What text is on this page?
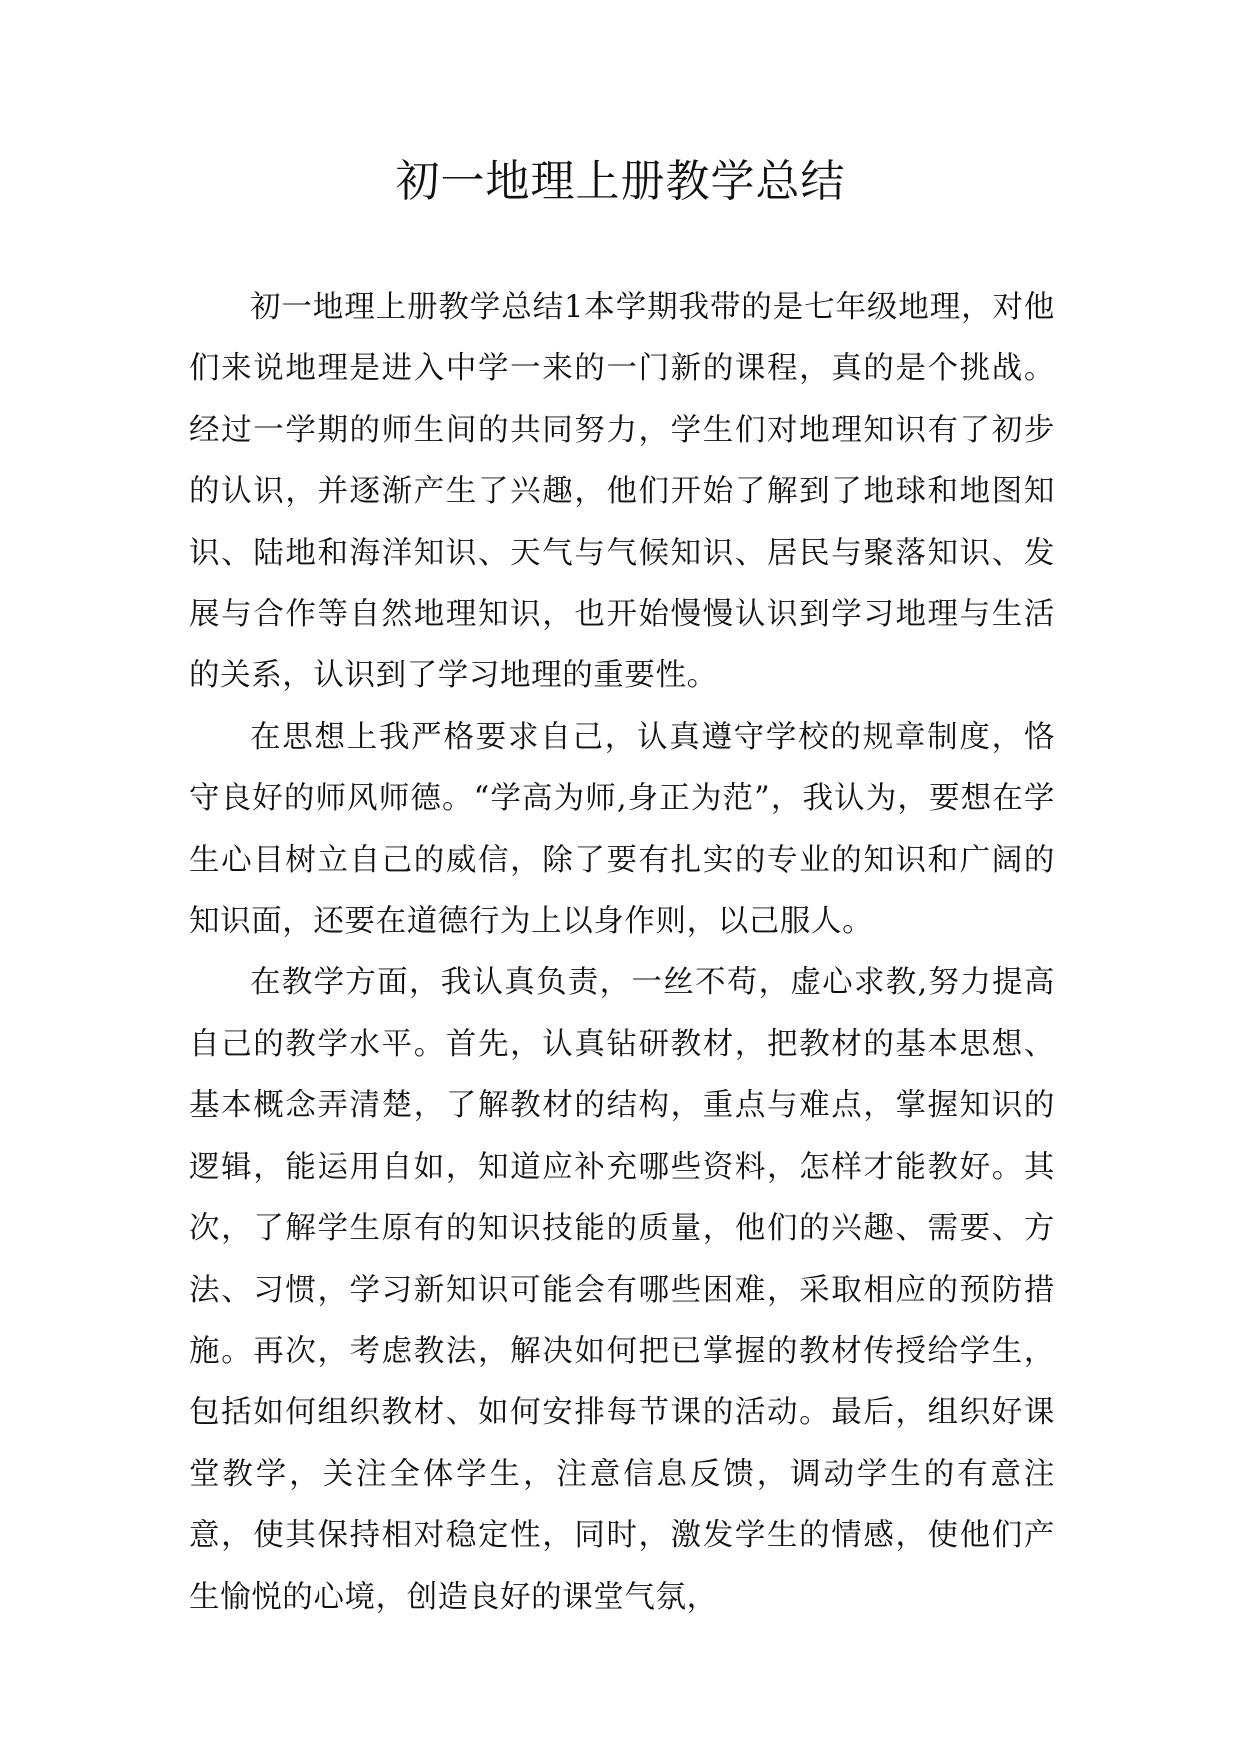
初一地理上册教学总结

初一地理上册教学总结1本学期我带的是七年级地理，对他们来说地理是进入中学一来的一门新的课程，真的是个挑战。经过一学期的师生间的共同努力，学生们对地理知识有了初步的认识，并逐渐产生了兴趣，他们开始了解到了地球和地图知识、陆地和海洋知识、天气与气候知识、居民与聚落知识、发展与合作等自然地理知识，也开始慢慢认识到学习地理与生活的关系，认识到了学习地理的重要性。

在思想上我严格要求自己，认真遵守学校的规章制度，恪守良好的师风师德。“学高为师,身正为范”，我认为，要想在学生心目树立自己的威信，除了要有扎实的专业的知识和广阔的知识面，还要在道德行为上以身作则，以己服人。

在教学方面，我认真负责，一丝不苟，虚心求教,努力提高自己的教学水平。首先，认真钻研教材，把教材的基本思想、基本概念弄清楚，了解教材的结构，重点与难点，掌握知识的逻辑，能运用自如，知道应补充哪些资料，怎样才能教好。其次，了解学生原有的知识技能的质量，他们的兴趣、需要、方法、习惯，学习新知识可能会有哪些困难，采取相应的预防措施。再次，考虑教法，解决如何把已掌握的教材传授给学生，包括如何组织教材、如何安排每节课的活动。最后，组织好课堂教学，关注全体学生，注意信息反馈，调动学生的有意注意，使其保持相对稳定性，同时，激发学生的情感，使他们产生愉悦的心境，创造良好的课堂气氛，
